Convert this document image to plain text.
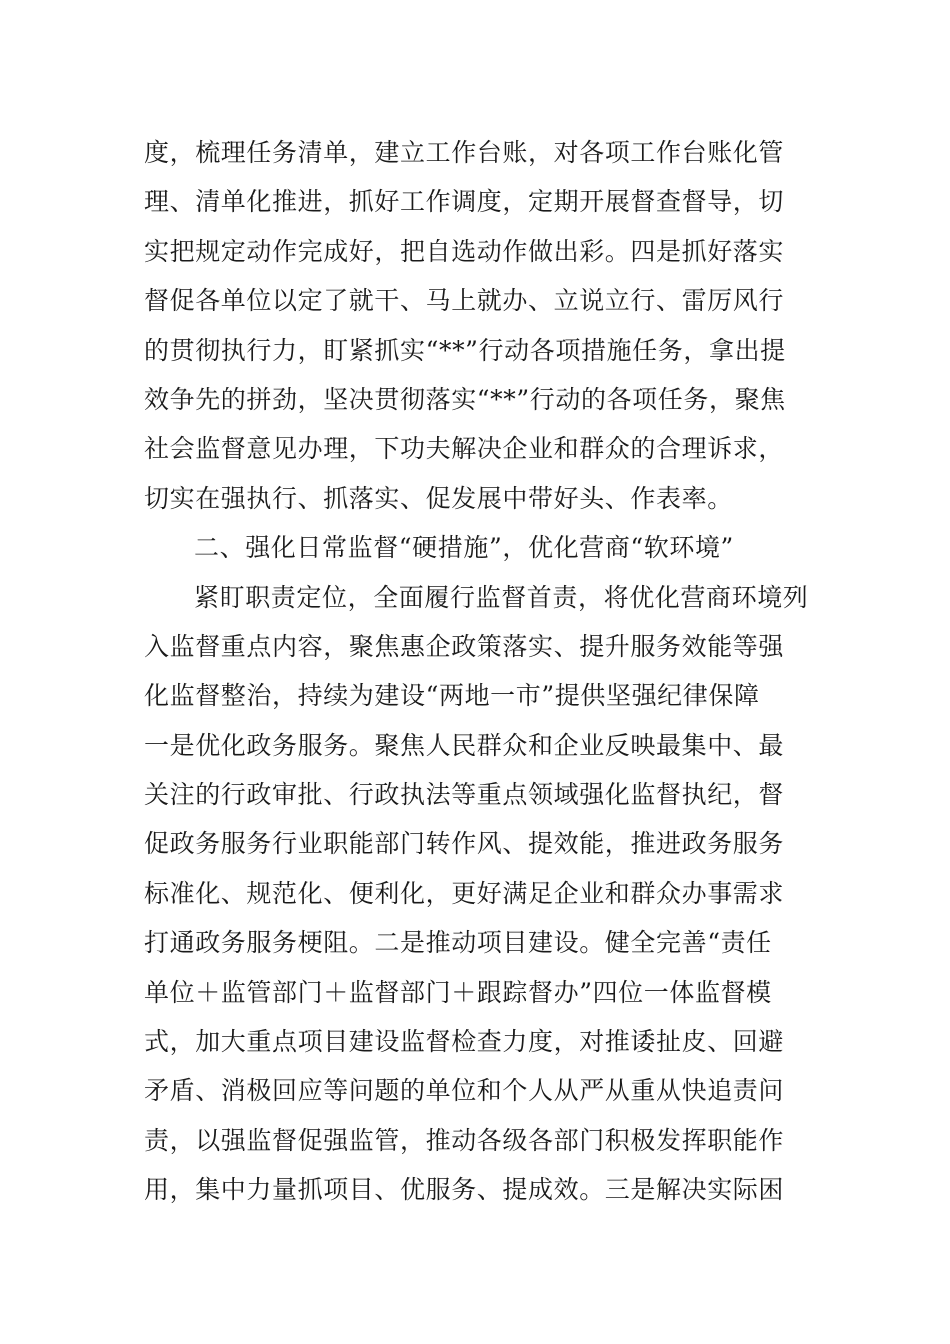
度，梳理任务清单，建立工作台账，对各项工作台账化管
理、清单化推进，抓好工作调度，定期开展督查督导，切
实把规定动作完成好，把自选动作做出彩。四是抓好落实
督促各单位以定了就干、马上就办、立说立行、雷厉风行
的贯彻执行力，盯紧抓实“**”行动各项措施任务，拿出提
效争先的拼劲，坚决贯彻落实“**”行动的各项任务，聚焦
社会监督意见办理，下功夫解决企业和群众的合理诉求，
切实在强执行、抓落实、促发展中带好头、作表率。
二、强化日常监督“硬措施”，优化营商“软环境”
紧盯职责定位，全面履行监督首责，将优化营商环境列
入监督重点内容，聚焦惠企政策落实、提升服务效能等强
化监督整治，持续为建设“两地一市”提供坚强纪律保障
一是优化政务服务。聚焦人民群众和企业反映最集中、最
关注的行政审批、行政执法等重点领域强化监督执纪，督
促政务服务行业职能部门转作风、提效能，推进政务服务
标准化、规范化、便利化，更好满足企业和群众办事需求
打通政务服务梗阻。二是推动项目建设。健全完善“责任
单位＋监管部门＋监督部门＋跟踪督办”四位一体监督模
式，加大重点项目建设监督检查力度，对推诿扯皮、回避
矛盾、消极回应等问题的单位和个人从严从重从快追责问
责，以强监督促强监管，推动各级各部门积极发挥职能作
用，集中力量抓项目、优服务、提成效。三是解决实际困
